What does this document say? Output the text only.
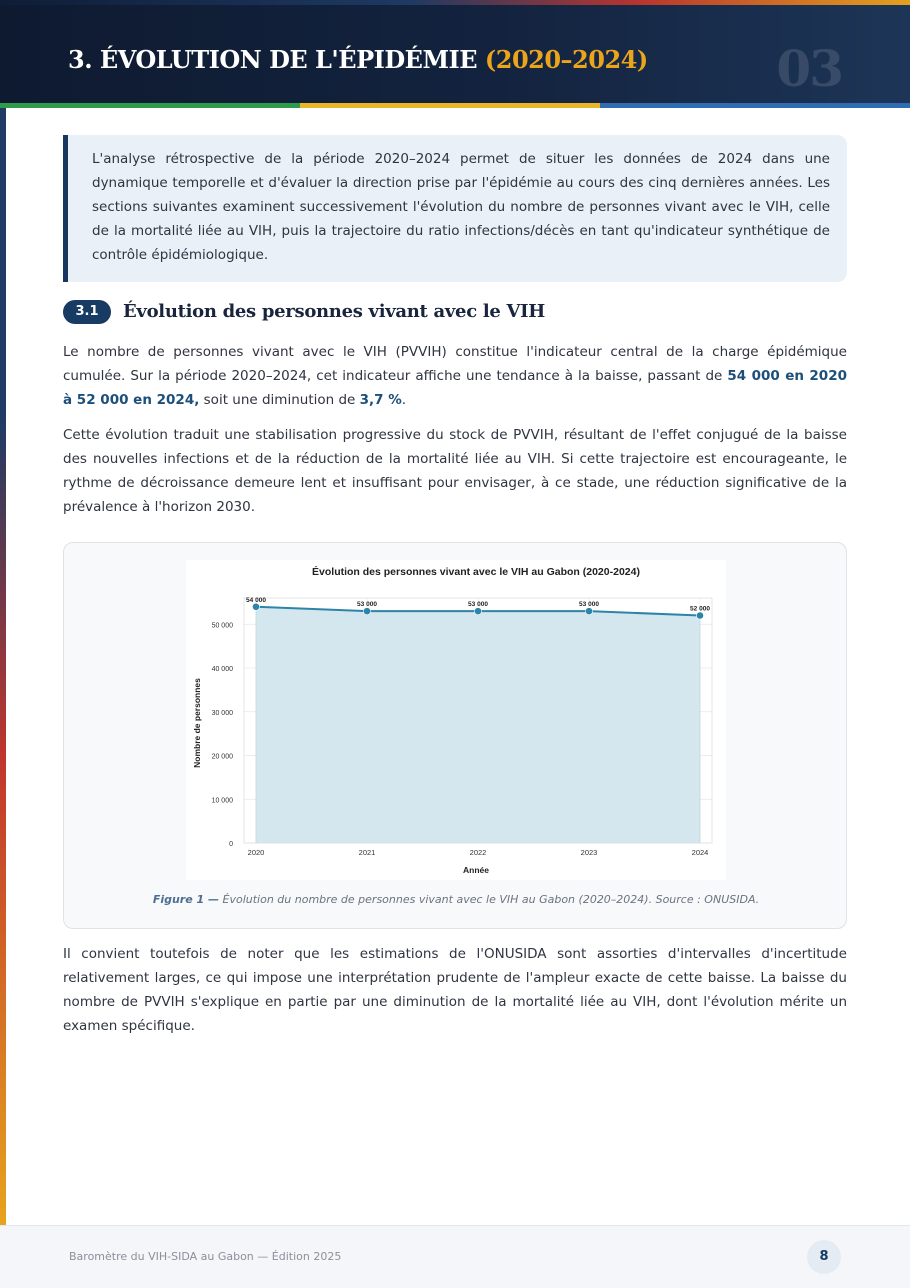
3. ÉVOLUTION DE L'ÉPIDÉMIE (2020–2024)	03

L'analyse rétrospective de la période 2020–2024 permet de situer les données de 2024 dans une dynamique temporelle et d'évaluer la direction prise par l'épidémie au cours des cinq dernières années. Les sections suivantes examinent successivement l'évolution du nombre de personnes vivant avec le VIH, celle de la mortalité liée au VIH, puis la trajectoire du ratio infections/décès en tant qu'indicateur synthétique de contrôle épidémiologique.

3.1	Évolution des personnes vivant avec le VIH

Le nombre de personnes vivant avec le VIH (PVVIH) constitue l'indicateur central de la charge épidémique cumulée. Sur la période 2020–2024, cet indicateur affiche une tendance à la baisse, passant de 54 000 en 2020 à 52 000 en 2024, soit une diminution de 3,7 %.

Cette évolution traduit une stabilisation progressive du stock de PVVIH, résultant de l'effet conjugué de la baisse des nouvelles infections et de la réduction de la mortalité liée au VIH. Si cette trajectoire est encourageante, le rythme de décroissance demeure lent et insuffisant pour envisager, à ce stade, une réduction significative de la prévalence à l'horizon 2030.

Évolution des personnes vivant avec le VIH au Gabon (2020-2024)
Année
Nombre de personnes
0
10 000
20 000
30 000
40 000
50 000
2020	2021	2022	2023	2024
54 000
53 000	53 000	53 000
52 000
Figure 1 — Évolution du nombre de personnes vivant avec le VIH au Gabon (2020–2024). Source : ONUSIDA.

Il convient toutefois de noter que les estimations de l'ONUSIDA sont assorties d'intervalles d'incertitude relativement larges, ce qui impose une interprétation prudente de l'ampleur exacte de cette baisse. La baisse du nombre de PVVIH s'explique en partie par une diminution de la mortalité liée au VIH, dont l'évolution mérite un examen spécifique.

Baromètre du VIH-SIDA au Gabon — Édition 2025	8
